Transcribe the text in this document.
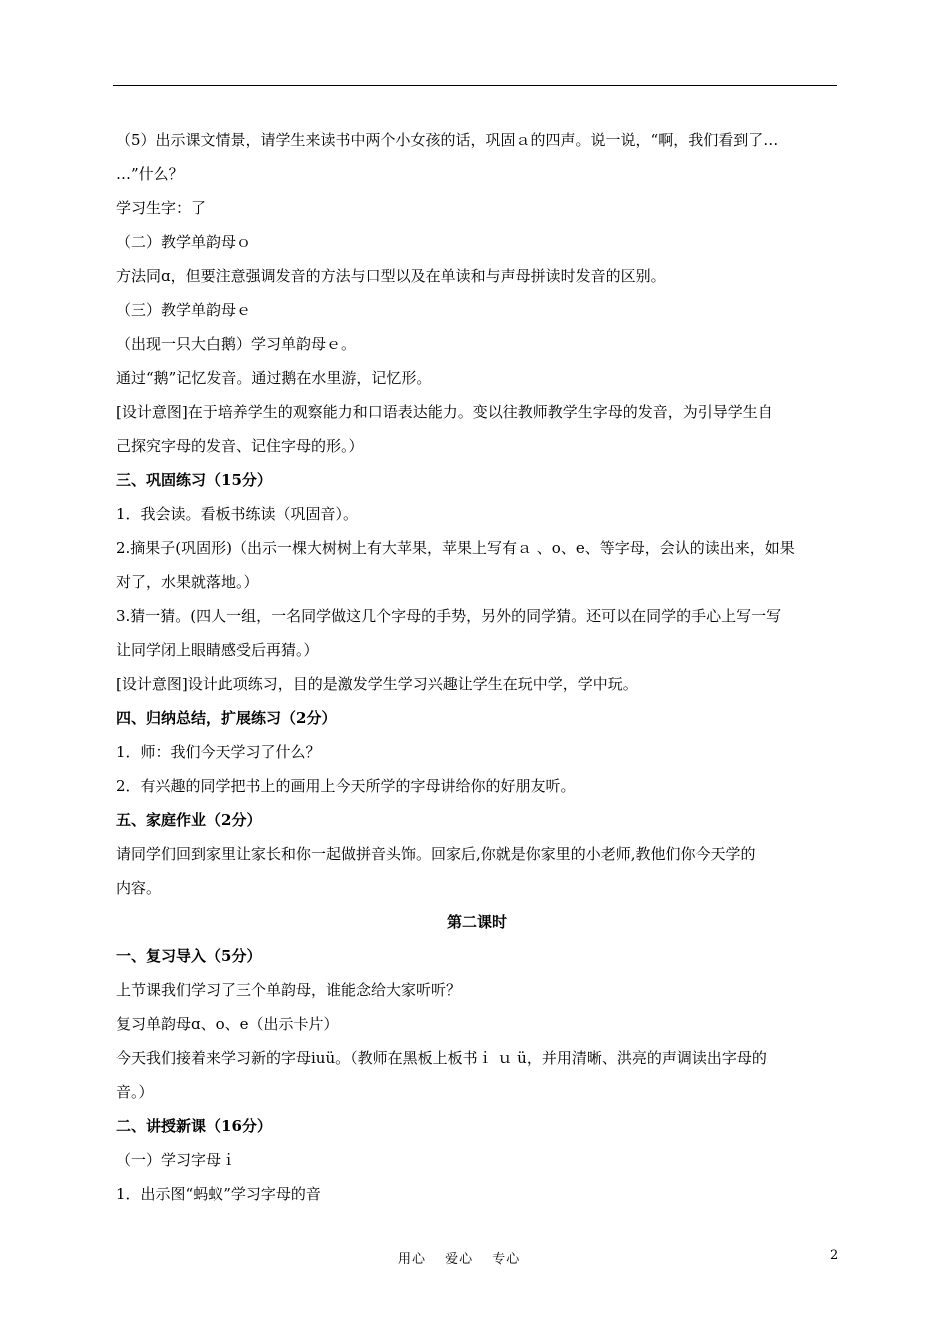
（5）出示课文情景，请学生来读书中两个小女孩的话，巩固ａ的四声。说一说，“啊，我们看到了…
…”什么？
学习生字：了
（二）教学单韵母ｏ
方法同ɑ，但要注意强调发音的方法与口型以及在单读和与声母拼读时发音的区别。
（三）教学单韵母ｅ
（出现一只大白鹅）学习单韵母ｅ。
通过“鹅”记忆发音。通过鹅在水里游，记忆形。
[设计意图]在于培养学生的观察能力和口语表达能力。变以往教师教学生字母的发音，为引导学生自
己探究字母的发音、记住字母的形。）
三、巩固练习（15分）
1．我会读。看板书练读（巩固音）。
2.摘果子(巩固形)（出示一棵大树树上有大苹果，苹果上写有ａ 、o、e、等字母，会认的读出来，如果
对了，水果就落地。）
3.猜一猜。(四人一组，一名同学做这几个字母的手势，另外的同学猜。还可以在同学的手心上写一写
让同学闭上眼睛感受后再猜。）
[设计意图]设计此项练习，目的是激发学生学习兴趣让学生在玩中学，学中玩。
四、归纳总结，扩展练习（2分）
1．师：我们今天学习了什么？
2．有兴趣的同学把书上的画用上今天所学的字母讲给你的好朋友听。
五、家庭作业（2分）
请同学们回到家里让家长和你一起做拼音头饰。回家后,你就是你家里的小老师,教他们你今天学的
内容。
第二课时
一、复习导入（5分）
上节课我们学习了三个单韵母，谁能念给大家听听？
复习单韵母ɑ、o、e（出示卡片）
今天我们接着来学习新的字母iuü。（教师在黑板上板书ｉ ｕ ü，并用清晰、洪亮的声调读出字母的
音。）
二、讲授新课（16分）
（一）学习字母ｉ
1．出示图“蚂蚁”学习字母的音
用心　 爱心　 专心	2
